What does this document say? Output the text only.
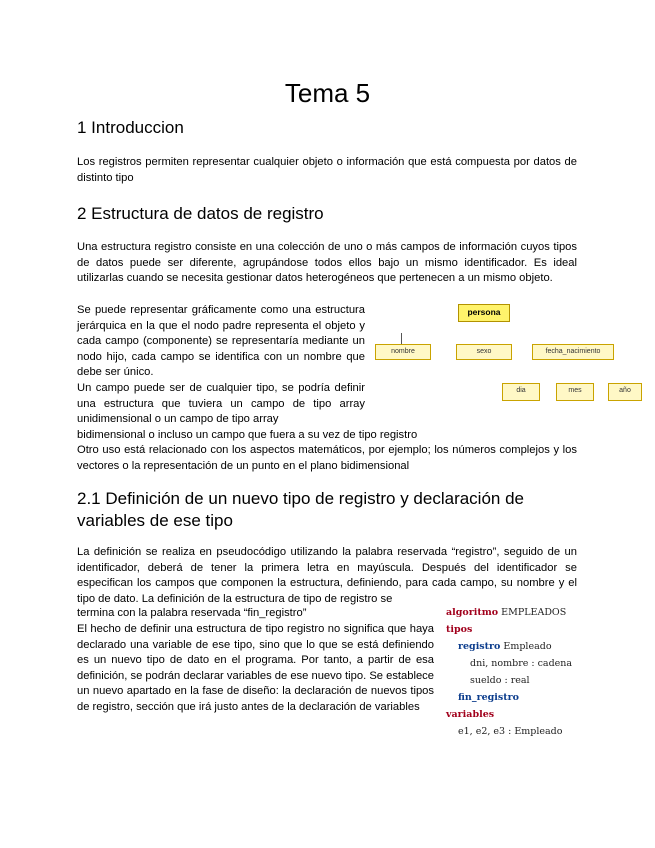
Tema 5
1 Introduccion

Los registros permiten representar cualquier objeto o información que está compuesta por datos de distinto tipo

2 Estructura de datos de registro

Una estructura registro consiste en una colección de uno o más campos de información cuyos tipos de datos puede ser diferente, agrupándose todos ellos bajo un mismo identificador. Es ideal utilizarlas cuando se necesita gestionar datos heterogéneos que pertenecen a un mismo objeto.

Se puede representar gráficamente como una estructura jerárquica en la que el nodo padre representa el objeto y cada campo (componente) se representaría mediante un nodo hijo, cada campo se identifica con un nombre que debe ser único.

Un campo puede ser de cualquier tipo, se podría definir una estructura que tuviera un campo de tipo array unidimensional o un campo de tipo array

bidimensional o incluso un campo que fuera a su vez de tipo registro

Otro uso está relacionado con los aspectos matemáticos, por ejemplo; los números complejos y los vectores o la representación de un punto en el plano bidimensional

persona
nombre	sexo	fecha_nacimiento
dia	mes	año
2.1 Definición de un nuevo tipo de registro y declaración de variables de ese tipo

La definición se realiza en pseudocódigo utilizando la palabra reservada “registro”, seguido de un identificador, deberá de tener la primera letra en mayúscula. Después del identificador se especifican los campos que componen la estructura, definiendo, para cada campo, su nombre y el tipo de dato. La definición de la estructura de tipo de registro se

termina con la palabra reservada “fin_registro”

El hecho de definir una estructura de tipo registro no significa que haya declarado una variable de ese tipo, sino que lo que se está definiendo es un nuevo tipo de dato en el programa. Por tanto, a partir de esa definición, se podrán declarar variables de ese nuevo tipo. Se establece un nuevo apartado en la fase de diseño: la declaración de nuevos tipos de registro, sección que irá justo antes de la declaración de variables

algoritmo EMPLEADOS
tipos
registro Empleado
dni, nombre : cadena
sueldo : real
fin_registro
variables
e1, e2, e3 : Empleado
